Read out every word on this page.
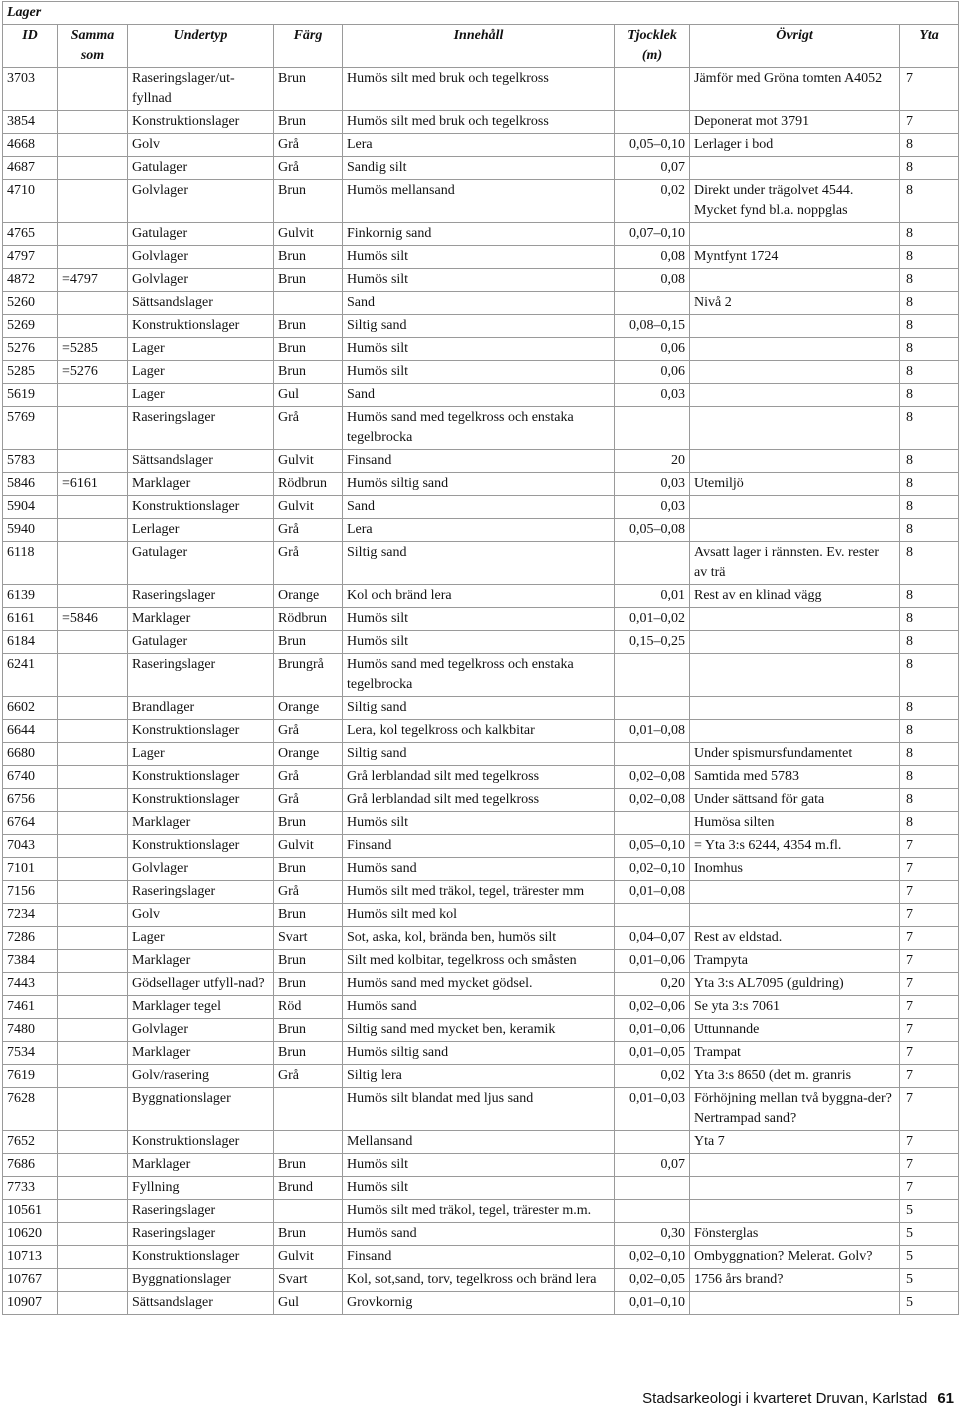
Lager							
ID	Samma som	Undertyp	Färg	Innehåll	Tjocklek (m)	Övrigt	Yta
3703		Raseringslager/ut-fyllnad	Brun	Humös silt med bruk och tegelkross		Jämför med Gröna tomten A4052	7
3854		Konstruktionslager	Brun	Humös silt med bruk och tegelkross		Deponerat mot 3791	7
4668		Golv	Grå	Lera	0,05–0,10	Lerlager i bod	8
4687		Gatulager	Grå	Sandig silt	0,07		8
4710		Golvlager	Brun	Humös mellansand	0,02	Direkt under trägolvet 4544. Mycket fynd bl.a. noppglas	8
4765		Gatulager	Gulvit	Finkornig sand	0,07–0,10		8
4797		Golvlager	Brun	Humös silt	0,08	Myntfynt 1724	8
4872	=4797	Golvlager	Brun	Humös silt	0,08		8
5260		Sättsandslager		Sand		Nivå 2	8
5269		Konstruktionslager	Brun	Siltig sand	0,08–0,15		8
5276	=5285	Lager	Brun	Humös silt	0,06		8
5285	=5276	Lager	Brun	Humös silt	0,06		8
5619		Lager	Gul	Sand	0,03		8
5769		Raseringslager	Grå	Humös sand med tegelkross och enstaka tegelbrocka			8
5783		Sättsandslager	Gulvit	Finsand	20		8
5846	=6161	Marklager	Rödbrun	Humös siltig sand	0,03	Utemiljö	8
5904		Konstruktionslager	Gulvit	Sand	0,03		8
5940		Lerlager	Grå	Lera	0,05–0,08		8
6118		Gatulager	Grå	Siltig sand		Avsatt lager i rännsten. Ev. rester av trä	8
6139		Raseringslager	Orange	Kol och bränd lera	0,01	Rest av en klinad vägg	8
6161	=5846	Marklager	Rödbrun	Humös silt	0,01–0,02		8
6184		Gatulager	Brun	Humös silt	0,15–0,25		8
6241		Raseringslager	Brungrå	Humös sand med tegelkross och enstaka tegelbrocka			8
6602		Brandlager	Orange	Siltig sand			8
6644		Konstruktionslager	Grå	Lera, kol tegelkross och kalkbitar	0,01–0,08		8
6680		Lager	Orange	Siltig sand		Under spismursfundamentet	8
6740		Konstruktionslager	Grå	Grå lerblandad silt med tegelkross	0,02–0,08	Samtida med 5783	8
6756		Konstruktionslager	Grå	Grå lerblandad silt med tegelkross	0,02–0,08	Under sättsand för gata	8
6764		Marklager	Brun	Humös silt		Humösa silten	8
7043		Konstruktionslager	Gulvit	Finsand	0,05–0,10	= Yta 3:s 6244, 4354 m.fl.	7
7101		Golvlager	Brun	Humös sand	0,02–0,10	Inomhus	7
7156		Raseringslager	Grå	Humös silt med träkol, tegel, trärester mm	0,01–0,08		7
7234		Golv	Brun	Humös silt med kol			7
7286		Lager	Svart	Sot, aska, kol, brända ben, humös silt	0,04–0,07	Rest av eldstad.	7
7384		Marklager	Brun	Silt med kolbitar, tegelkross och småsten	0,01–0,06	Trampyta	7
7443		Gödsellager utfyll-nad?	Brun	Humös sand med mycket gödsel.	0,20	Yta 3:s AL7095 (guldring)	7
7461		Marklager tegel	Röd	Humös sand	0,02–0,06	Se yta 3:s 7061	7
7480		Golvlager	Brun	Siltig sand med mycket ben, keramik	0,01–0,06	Uttunnande	7
7534		Marklager	Brun	Humös siltig sand	0,01–0,05	Trampat	7
7619		Golv/rasering	Grå	Siltig lera	0,02	Yta 3:s 8650 (det m. granris	7
7628		Byggnationslager		Humös silt blandat med ljus sand	0,01–0,03	Förhöjning mellan två byggna-der? Nertrampad sand?	7
7652		Konstruktionslager		Mellansand		Yta 7	7
7686		Marklager	Brun	Humös silt	0,07		7
7733		Fyllning	Brund	Humös silt			7
10561		Raseringslager		Humös silt med träkol, tegel, trärester m.m.			5
10620		Raseringslager	Brun	Humös sand	0,30	Fönsterglas	5
10713		Konstruktionslager	Gulvit	Finsand	0,02–0,10	Ombyggnation? Melerat. Golv?	5
10767		Byggnationslager	Svart	Kol, sot,sand, torv, tegelkross och bränd lera	0,02–0,05	1756 års brand?	5
10907		Sättsandslager	Gul	Grovkornig	0,01–0,10		5
Stadsarkeologi i kvarteret Druvan, Karlstad 61
